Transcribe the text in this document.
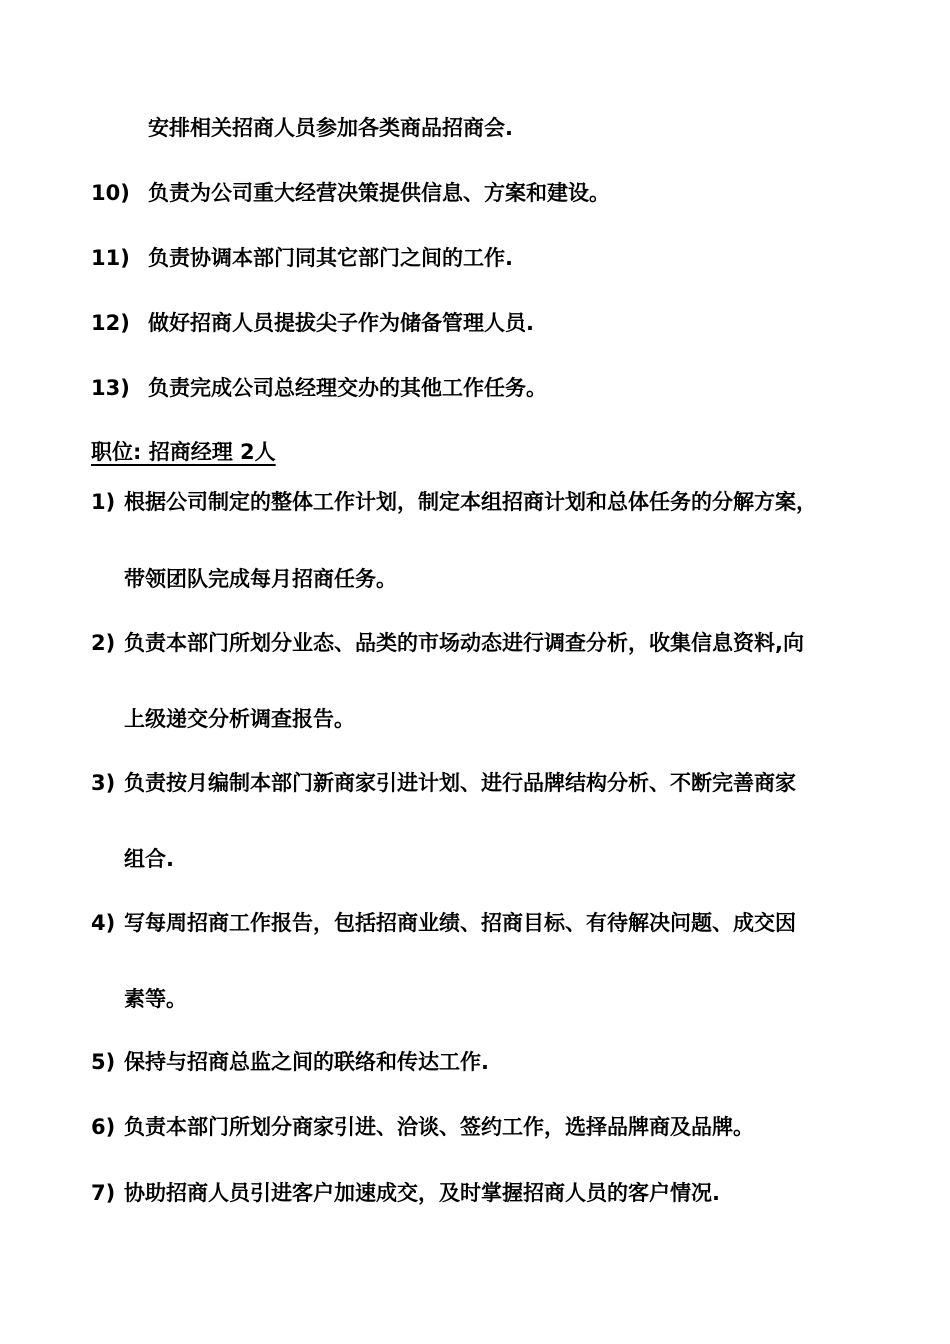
安排相关招商人员参加各类商品招商会.
10) 负责为公司重大经营决策提供信息、方案和建设。
11) 负责协调本部门同其它部门之间的工作.
12) 做好招商人员提拔尖子作为储备管理人员.
13) 负责完成公司总经理交办的其他工作任务。
职位: 招商经理 2人
1) 根据公司制定的整体工作计划，制定本组招商计划和总体任务的分解方案，
带领团队完成每月招商任务。
2) 负责本部门所划分业态、品类的市场动态进行调查分析，收集信息资料,向
上级递交分析调查报告。
3) 负责按月编制本部门新商家引进计划、进行品牌结构分析、不断完善商家
组合.
4) 写每周招商工作报告，包括招商业绩、招商目标、有待解决问题、成交因
素等。
5) 保持与招商总监之间的联络和传达工作.
6) 负责本部门所划分商家引进、洽谈、签约工作，选择品牌商及品牌。
7) 协助招商人员引进客户加速成交，及时掌握招商人员的客户情况.
